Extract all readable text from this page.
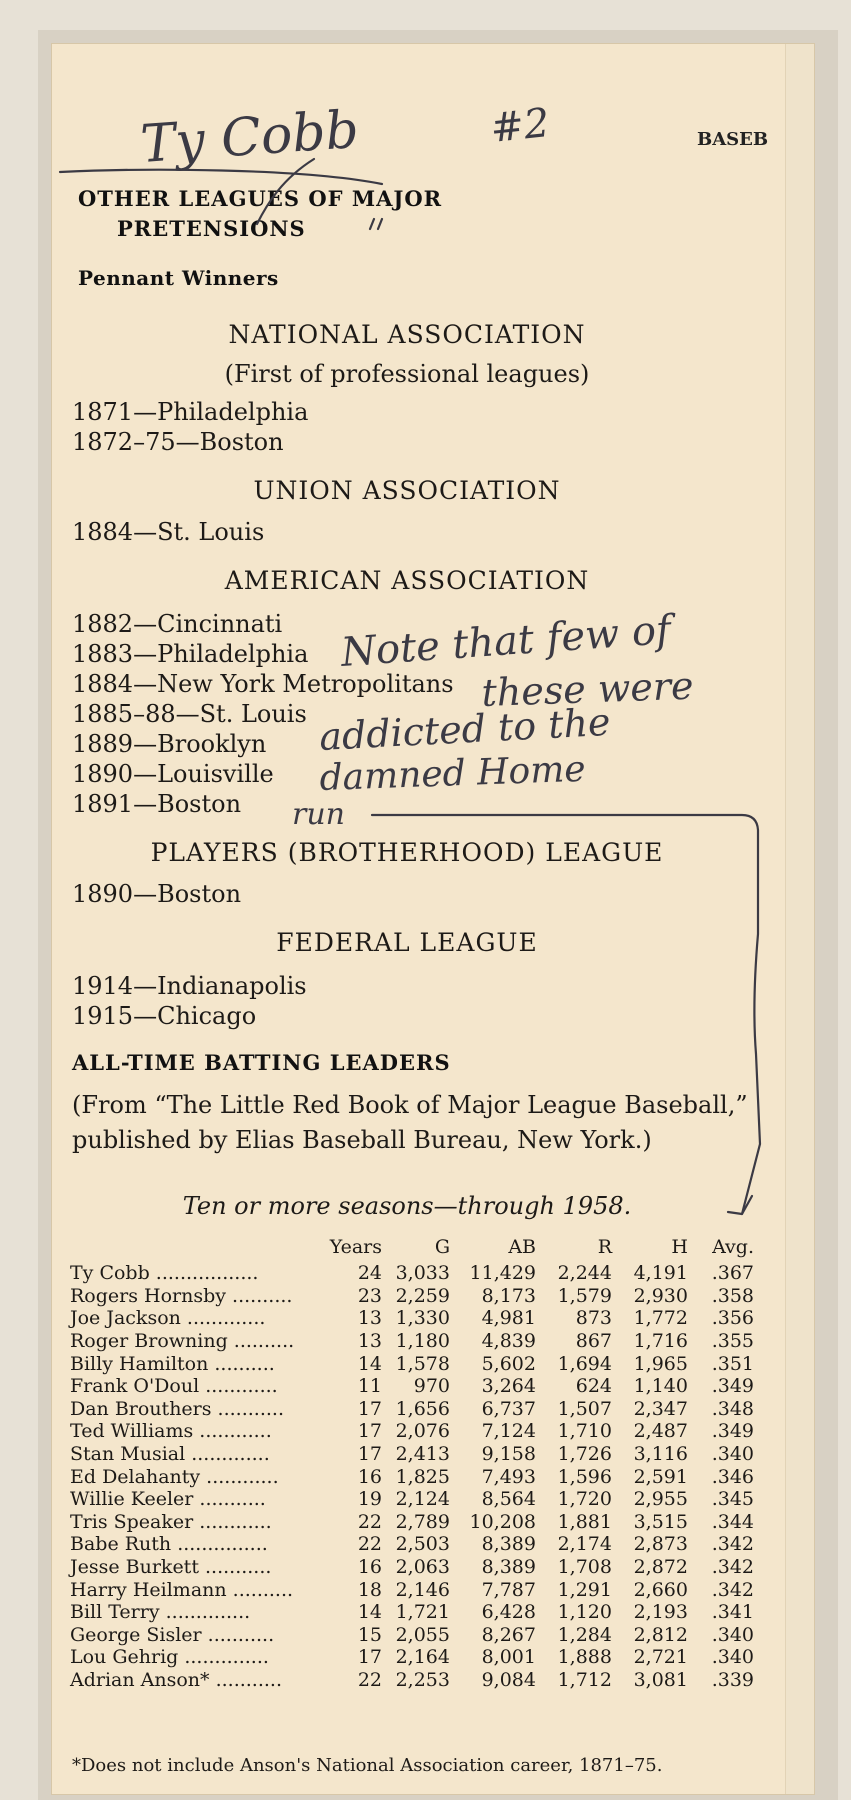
BASEB
OTHER LEAGUES OF MAJOR
PRETENSIONS
Pennant Winners
NATIONAL ASSOCIATION
(First of professional leagues)
1871—Philadelphia
1872–75—Boston
UNION ASSOCIATION
1884—St. Louis
AMERICAN ASSOCIATION
1882—Cincinnati
1883—Philadelphia
1884—New York Metropolitans
1885–88—St. Louis
1889—Brooklyn
1890—Louisville
1891—Boston
PLAYERS (BROTHERHOOD) LEAGUE
1890—Boston
FEDERAL LEAGUE
1914—Indianapolis
1915—Chicago
ALL-TIME BATTING LEADERS
(From “The Little Red Book of Major League Baseball,” published by Elias Baseball Bureau, New York.)
Ten or more seasons—through 1958.
	Years	G	AB	R	H	Avg.
Ty Cobb .................	24	3,033	11,429	2,244	4,191	.367
Rogers Hornsby ..........	23	2,259	8,173	1,579	2,930	.358
Joe Jackson .............	13	1,330	4,981	873	1,772	.356
Roger Browning ..........	13	1,180	4,839	867	1,716	.355
Billy Hamilton ..........	14	1,578	5,602	1,694	1,965	.351
Frank O'Doul ............	11	970	3,264	624	1,140	.349
Dan Brouthers ...........	17	1,656	6,737	1,507	2,347	.348
Ted Williams ............	17	2,076	7,124	1,710	2,487	.349
Stan Musial .............	17	2,413	9,158	1,726	3,116	.340
Ed Delahanty ............	16	1,825	7,493	1,596	2,591	.346
Willie Keeler ...........	19	2,124	8,564	1,720	2,955	.345
Tris Speaker ............	22	2,789	10,208	1,881	3,515	.344
Babe Ruth ...............	22	2,503	8,389	2,174	2,873	.342
Jesse Burkett ...........	16	2,063	8,389	1,708	2,872	.342
Harry Heilmann ..........	18	2,146	7,787	1,291	2,660	.342
Bill Terry ..............	14	1,721	6,428	1,120	2,193	.341
George Sisler ...........	15	2,055	8,267	1,284	2,812	.340
Lou Gehrig ..............	17	2,164	8,001	1,888	2,721	.340
Adrian Anson* ...........	22	2,253	9,084	1,712	3,081	.339
*Does not include Anson's National Association career, 1871–75.
Ty Cobb	#2
Note that few of
these were
addicted to the
damned Home
run
